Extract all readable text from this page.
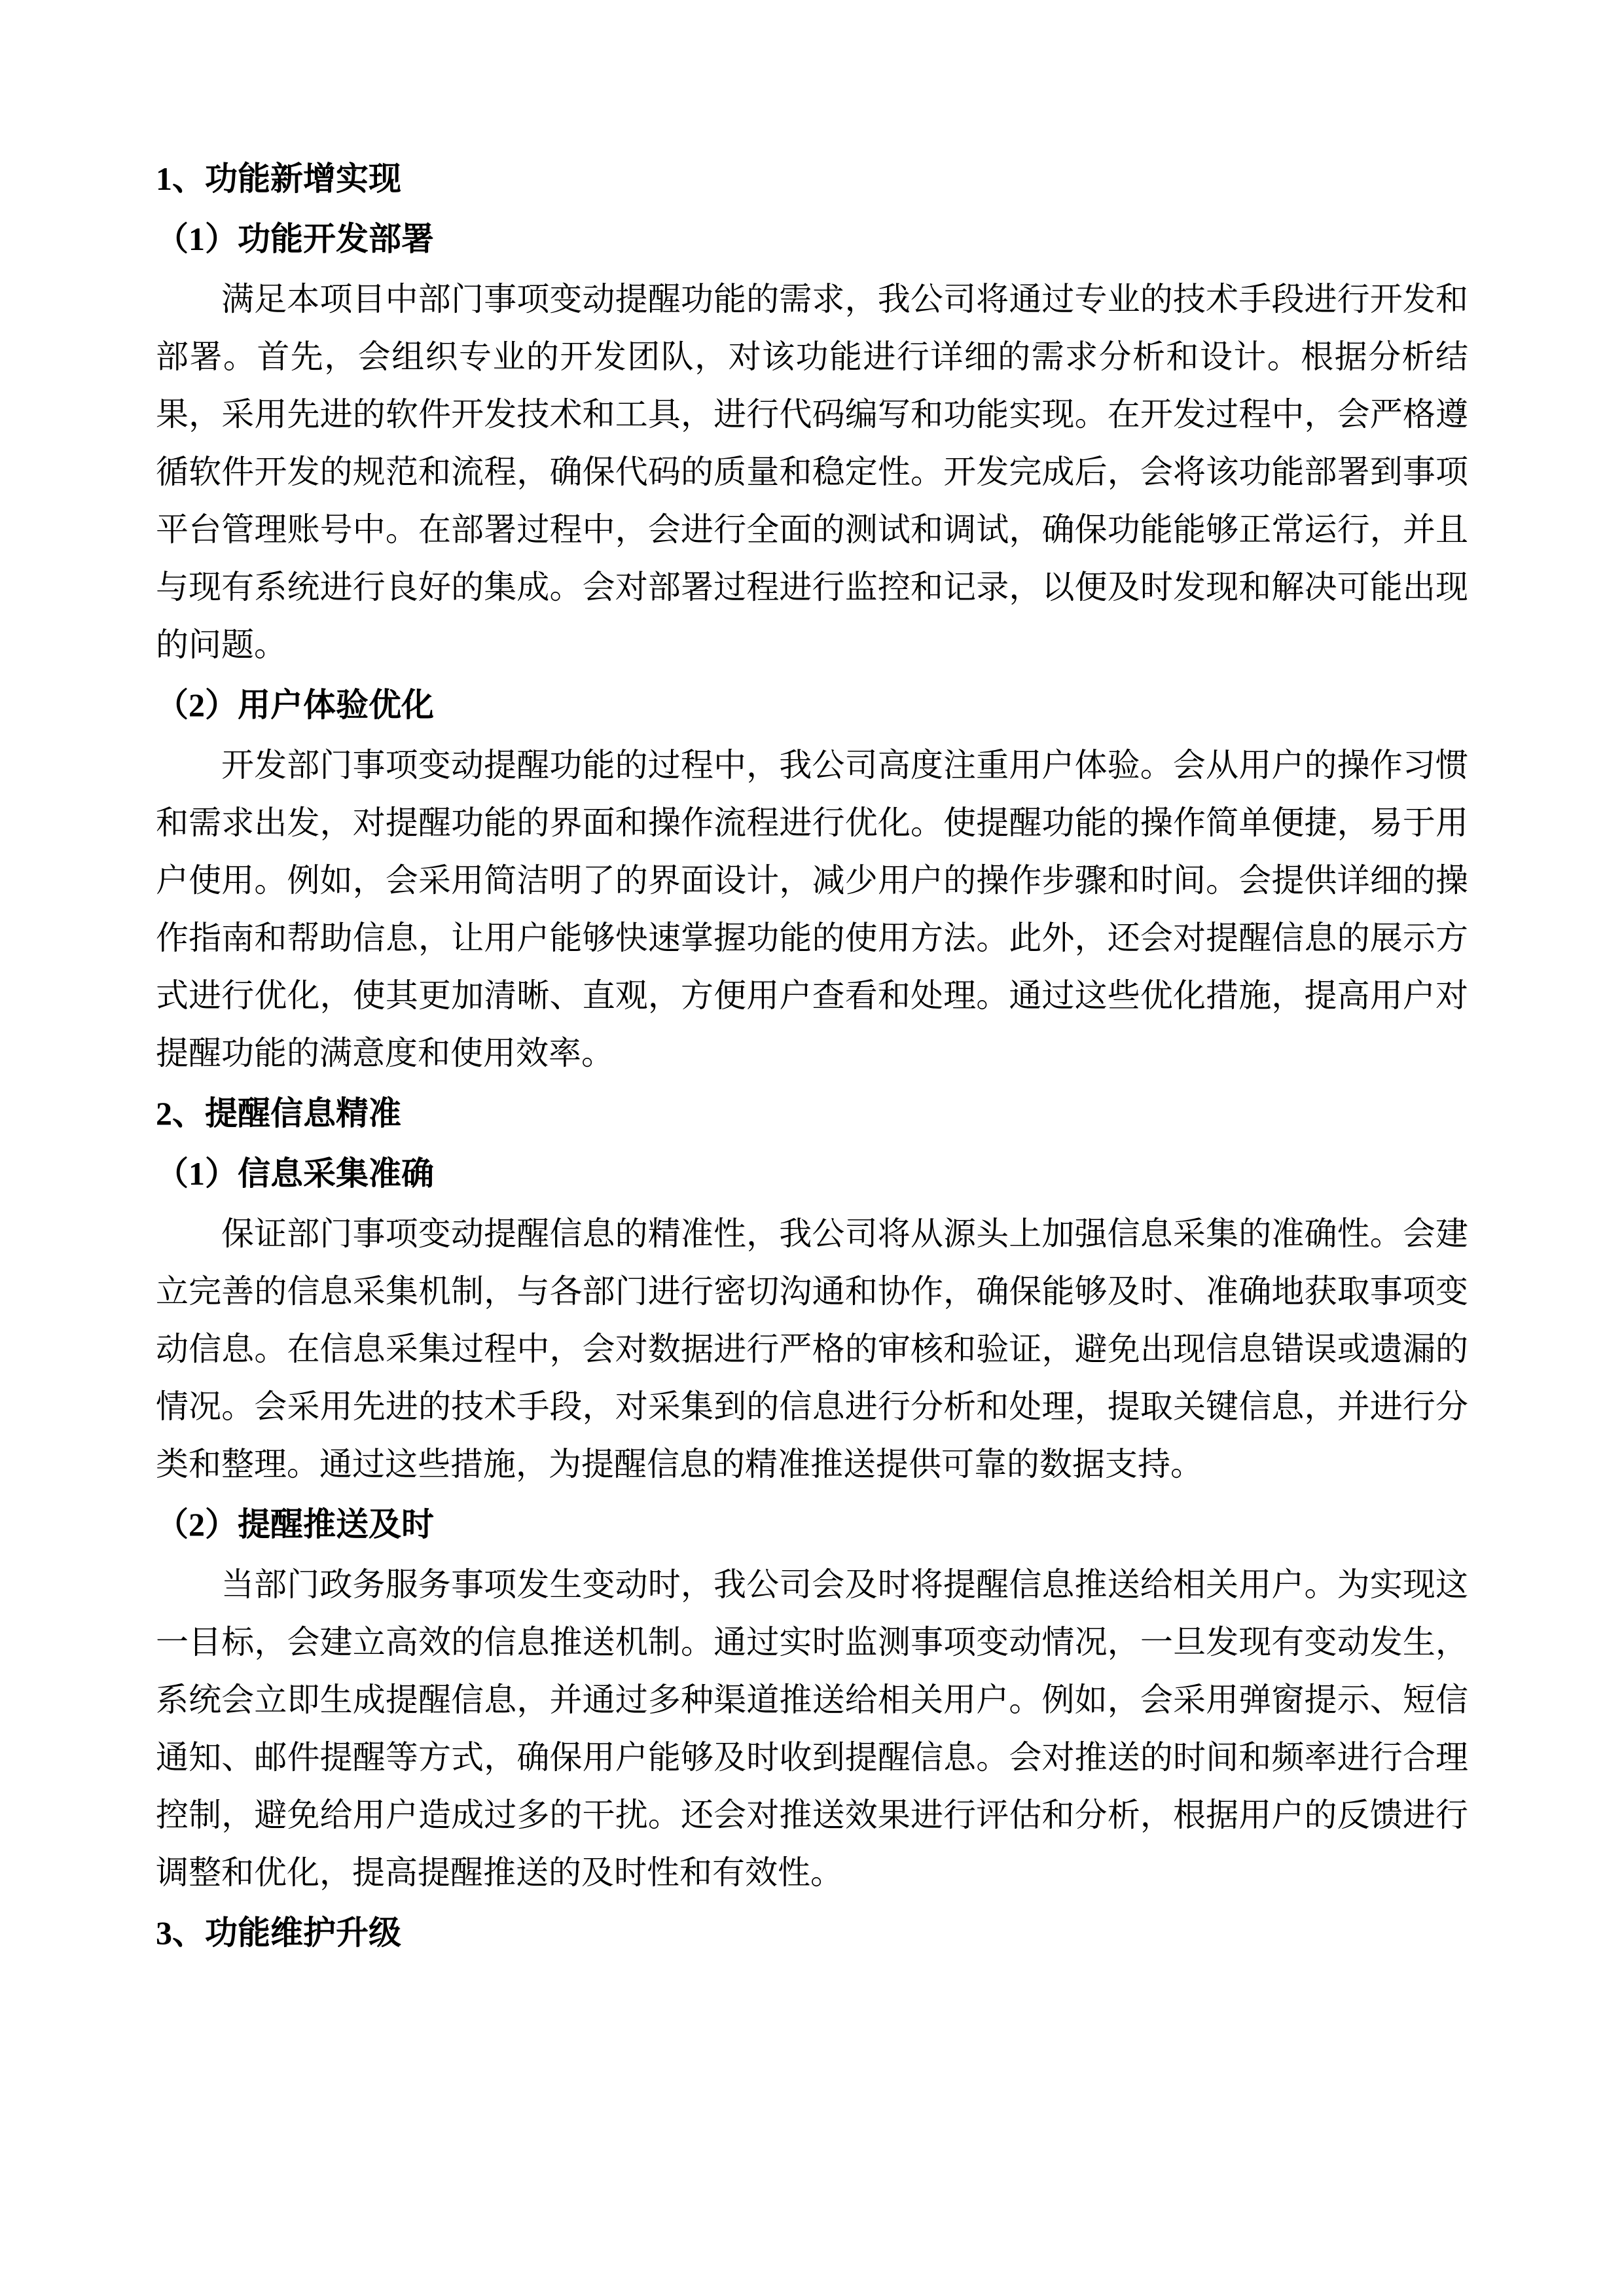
1、功能新增实现
（1）功能开发部署

满足本项目中部门事项变动提醒功能的需求，我公司将通过专业的技术手段进行开发和部署。首先，会组织专业的开发团队，对该功能进行详细的需求分析和设计。根据分析结果，采用先进的软件开发技术和工具，进行代码编写和功能实现。在开发过程中，会严格遵循软件开发的规范和流程，确保代码的质量和稳定性。开发完成后，会将该功能部署到事项平台管理账号中。在部署过程中，会进行全面的测试和调试，确保功能能够正常运行，并且与现有系统进行良好的集成。会对部署过程进行监控和记录，以便及时发现和解决可能出现的问题。

（2）用户体验优化

开发部门事项变动提醒功能的过程中，我公司高度注重用户体验。会从用户的操作习惯和需求出发，对提醒功能的界面和操作流程进行优化。使提醒功能的操作简单便捷，易于用户使用。例如，会采用简洁明了的界面设计，减少用户的操作步骤和时间。会提供详细的操作指南和帮助信息，让用户能够快速掌握功能的使用方法。此外，还会对提醒信息的展示方式进行优化，使其更加清晰、直观，方便用户查看和处理。通过这些优化措施，提高用户对提醒功能的满意度和使用效率。

2、提醒信息精准
（1）信息采集准确

保证部门事项变动提醒信息的精准性，我公司将从源头上加强信息采集的准确性。会建立完善的信息采集机制，与各部门进行密切沟通和协作，确保能够及时、准确地获取事项变动信息。在信息采集过程中，会对数据进行严格的审核和验证，避免出现信息错误或遗漏的情况。会采用先进的技术手段，对采集到的信息进行分析和处理，提取关键信息，并进行分类和整理。通过这些措施，为提醒信息的精准推送提供可靠的数据支持。

（2）提醒推送及时

当部门政务服务事项发生变动时，我公司会及时将提醒信息推送给相关用户。为实现这一目标，会建立高效的信息推送机制。通过实时监测事项变动情况，一旦发现有变动发生，系统会立即生成提醒信息，并通过多种渠道推送给相关用户。例如，会采用弹窗提示、短信通知、邮件提醒等方式，确保用户能够及时收到提醒信息。会对推送的时间和频率进行合理控制，避免给用户造成过多的干扰。还会对推送效果进行评估和分析，根据用户的反馈进行调整和优化，提高提醒推送的及时性和有效性。

3、功能维护升级
